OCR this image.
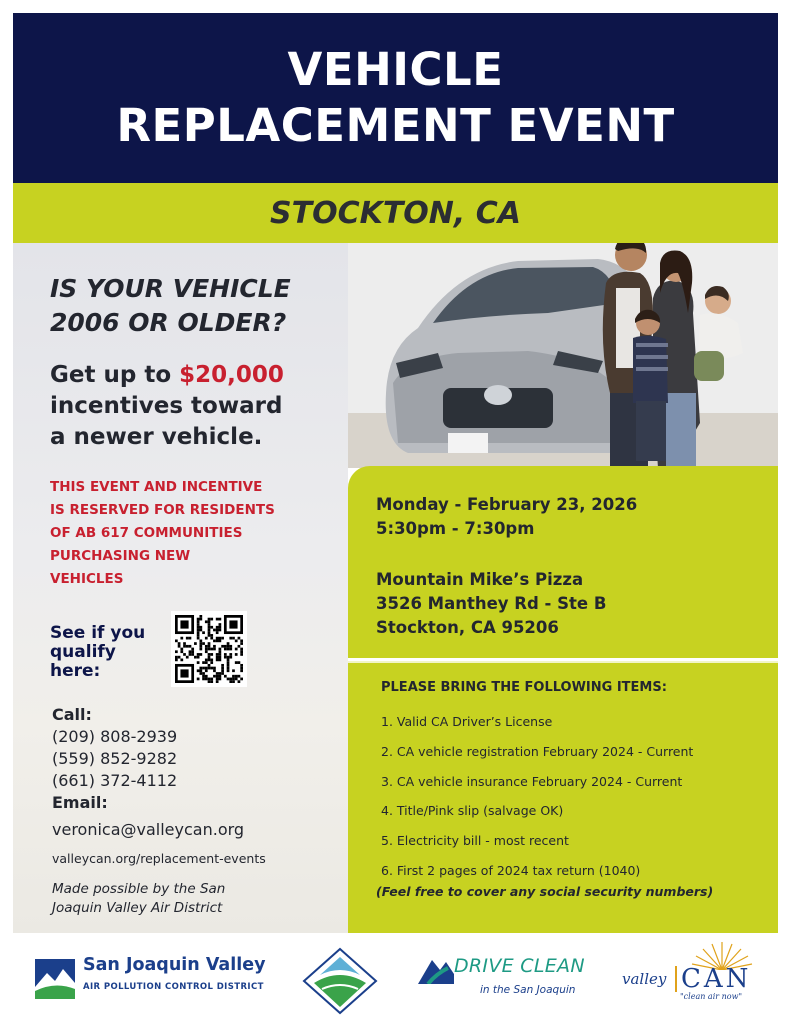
VEHICLE
REPLACEMENT EVENT
STOCKTON, CA
IS YOUR VEHICLE
2006 OR OLDER?
Get up to $20,000
incentives toward
a newer vehicle.
THIS EVENT AND INCENTIVE
IS RESERVED FOR RESIDENTS
OF AB 617 COMMUNITIES
PURCHASING NEW
VEHICLES
See if you
qualify
here:
Call:
(209) 808-2939
(559) 852-9282
(661) 372-4112
Email:
veronica@valleycan.org
valleycan.org/replacement-events
Made possible by the San
Joaquin Valley Air District
Monday - February 23, 2026
5:30pm - 7:30pm
Mountain Mike’s Pizza
3526 Manthey Rd - Ste B
Stockton, CA 95206
PLEASE BRING THE FOLLOWING ITEMS:
1. Valid CA Driver’s License
2. CA vehicle registration February 2024 - Current
3. CA vehicle insurance February 2024 - Current
4. Title/Pink slip (salvage OK)
5. Electricity bill - most recent
6. First 2 pages of 2024 tax return (1040)
(Feel free to cover any social security numbers)
San Joaquin Valley
AIR POLLUTION CONTROL DISTRICT
DRIVE CLEAN
in the San Joaquin
valley CAN
"clean air now"
